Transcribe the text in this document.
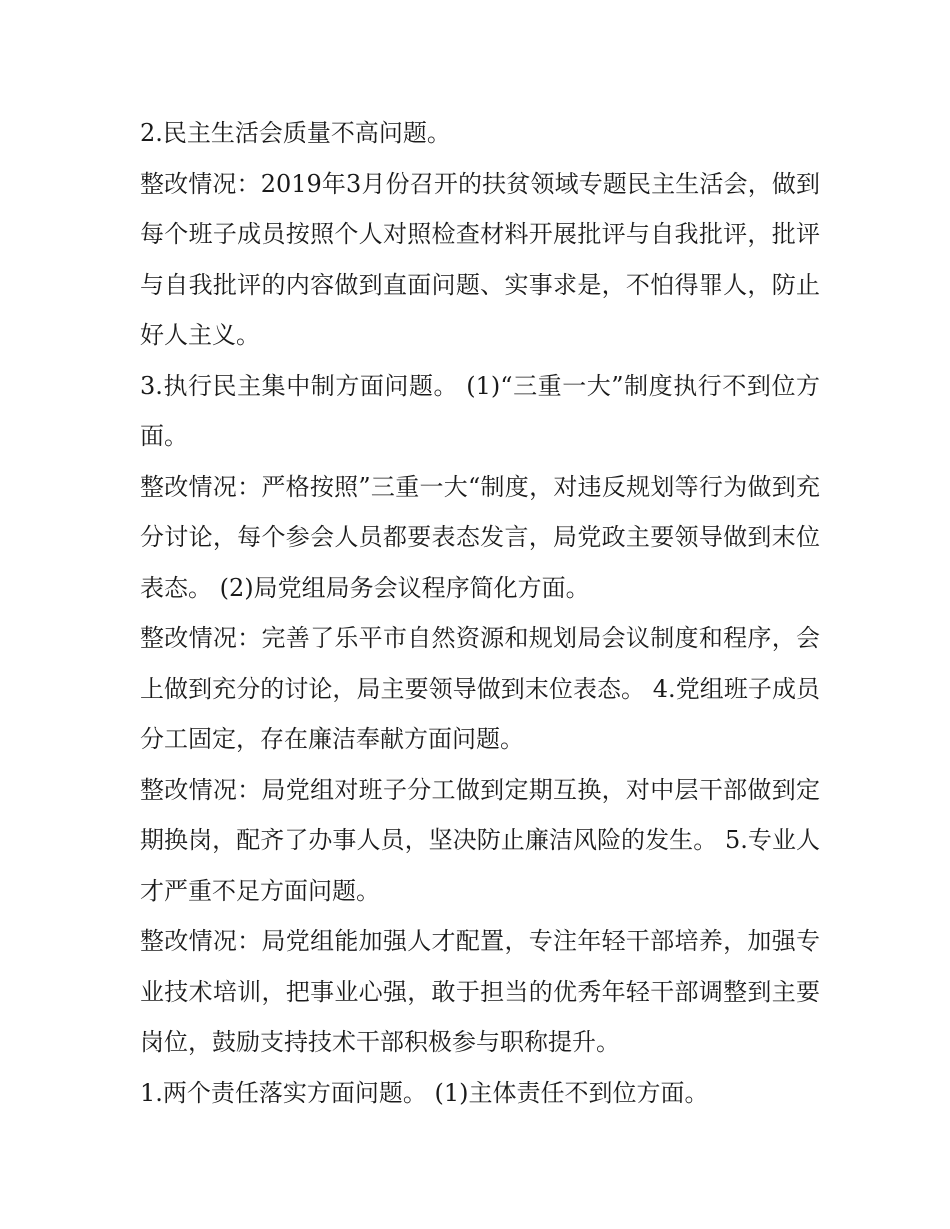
2.民主生活会质量不高问题。

整改情况：2019年3月份召开的扶贫领域专题民主生活会，做到每个班子成员按照个人对照检查材料开展批评与自我批评，批评与自我批评的内容做到直面问题、实事求是，不怕得罪人，防止好人主义。

3.执行民主集中制方面问题。 (1)“三重一大”制度执行不到位方面。

整改情况：严格按照”三重一大“制度，对违反规划等行为做到充分讨论，每个参会人员都要表态发言，局党政主要领导做到末位表态。 (2)局党组局务会议程序简化方面。

整改情况：完善了乐平市自然资源和规划局会议制度和程序，会上做到充分的讨论，局主要领导做到末位表态。 4.党组班子成员分工固定，存在廉洁奉献方面问题。

整改情况：局党组对班子分工做到定期互换，对中层干部做到定期换岗，配齐了办事人员，坚决防止廉洁风险的发生。 5.专业人才严重不足方面问题。

整改情况：局党组能加强人才配置，专注年轻干部培养，加强专业技术培训，把事业心强，敢于担当的优秀年轻干部调整到主要岗位，鼓励支持技术干部积极参与职称提升。

1.两个责任落实方面问题。 (1)主体责任不到位方面。
